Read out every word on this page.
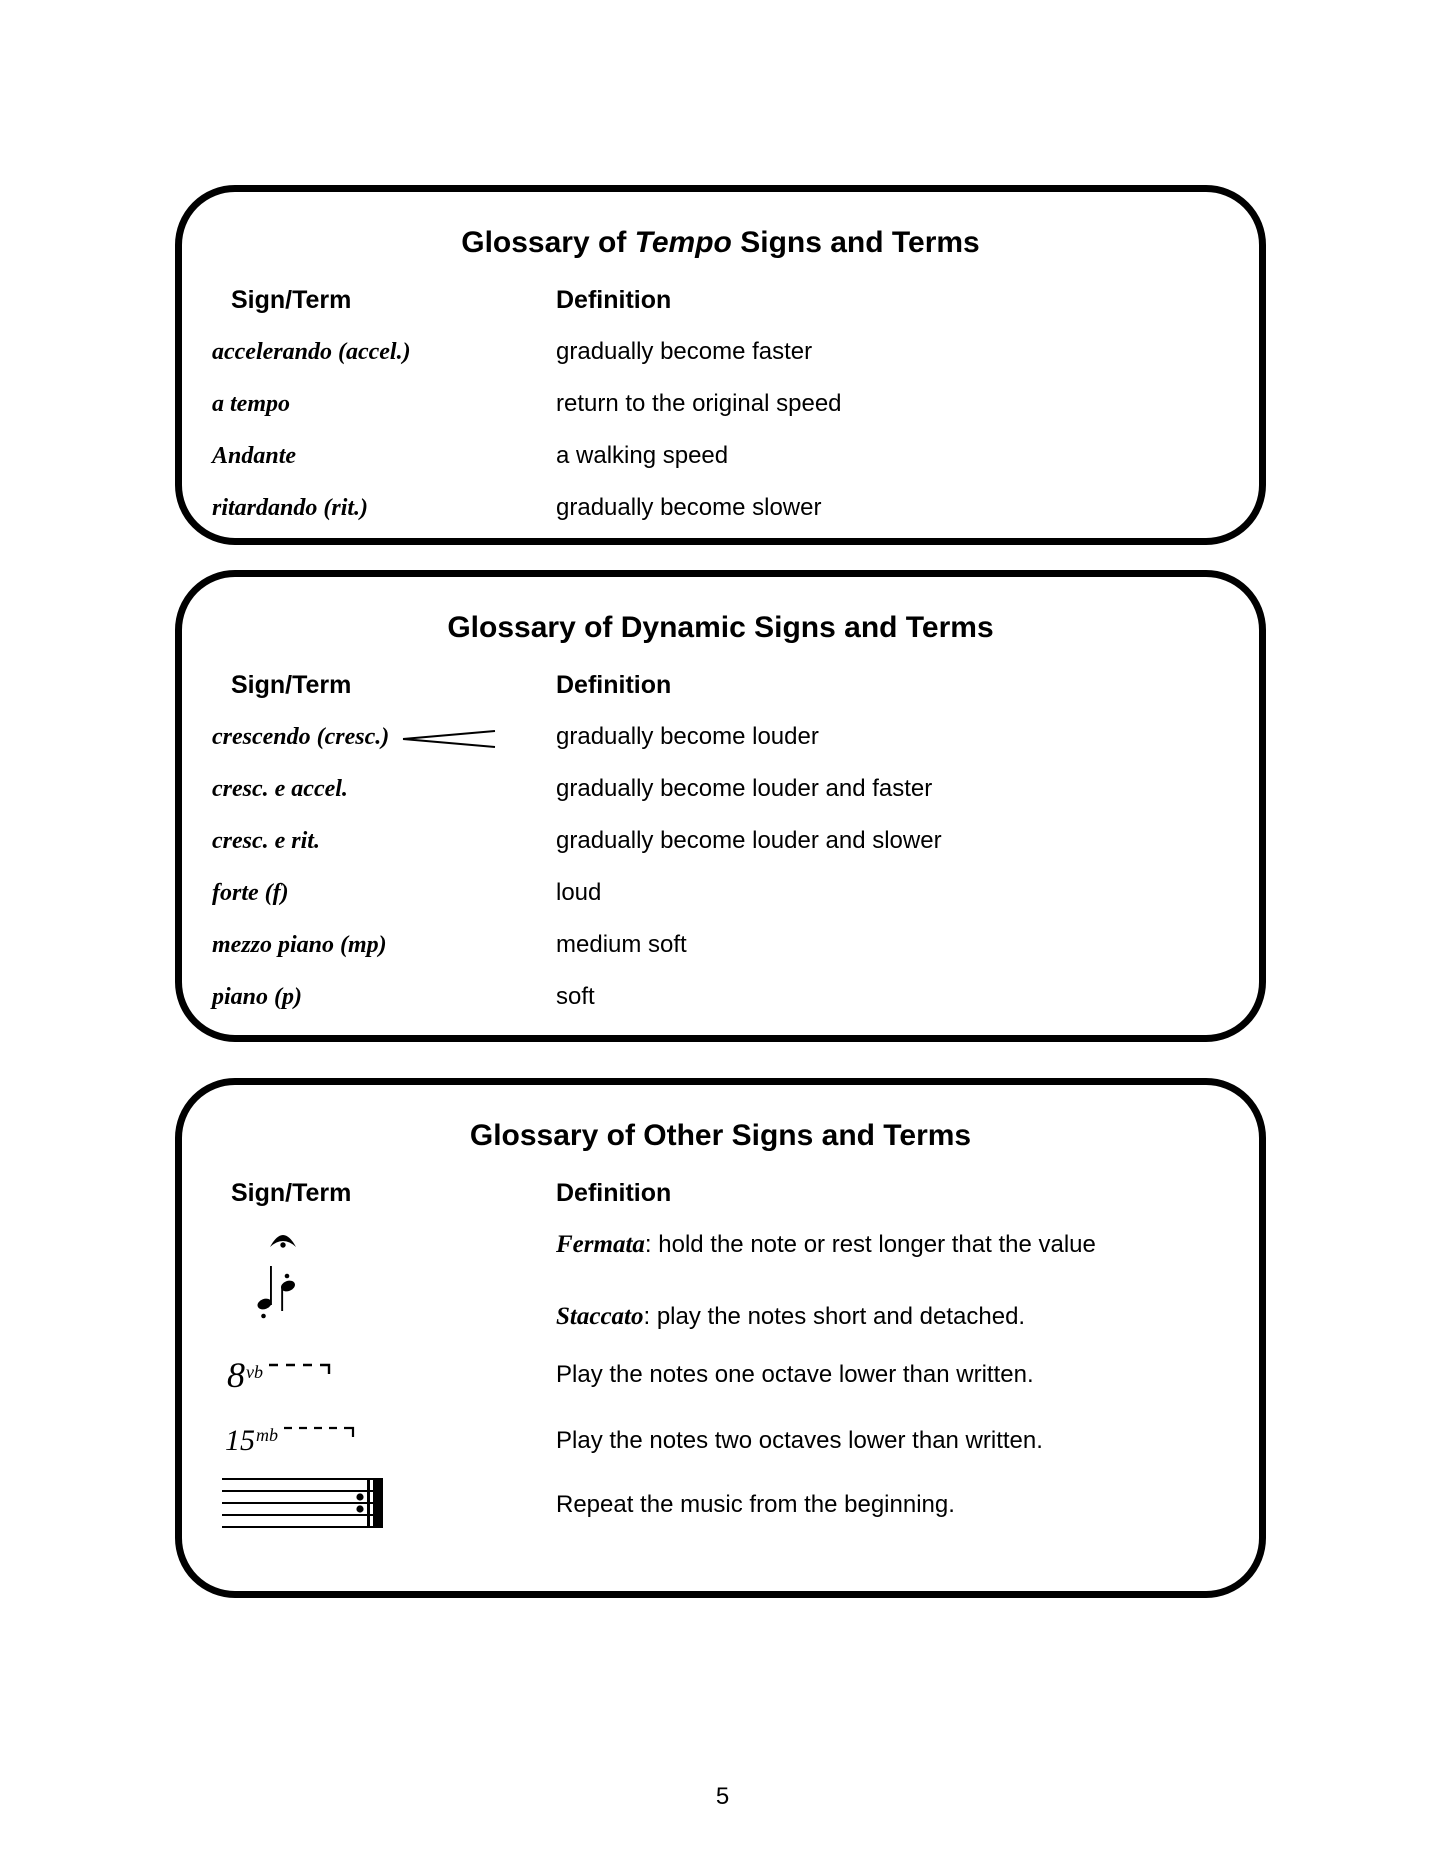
Glossary of Tempo Signs and Terms
Sign/Term	Definition
accelerando (accel.)	gradually become faster
a tempo	return to the original speed
Andante	a walking speed
ritardando (rit.)	gradually become slower
Glossary of Dynamic Signs and Terms
Sign/Term	Definition
crescendo (cresc.)	gradually become louder
cresc. e accel.	gradually become louder and faster
cresc. e rit.	gradually become louder and slower
forte (f)	loud
mezzo piano (mp)	medium soft
piano (p)	soft
Glossary of Other Signs and Terms
Sign/Term	Definition
Fermata: hold the note or rest longer that the value
Staccato: play the notes short and detached.
8vb	Play the notes one octave lower than written.
15mb	Play the notes two octaves lower than written.
Repeat the music from the beginning.
5
